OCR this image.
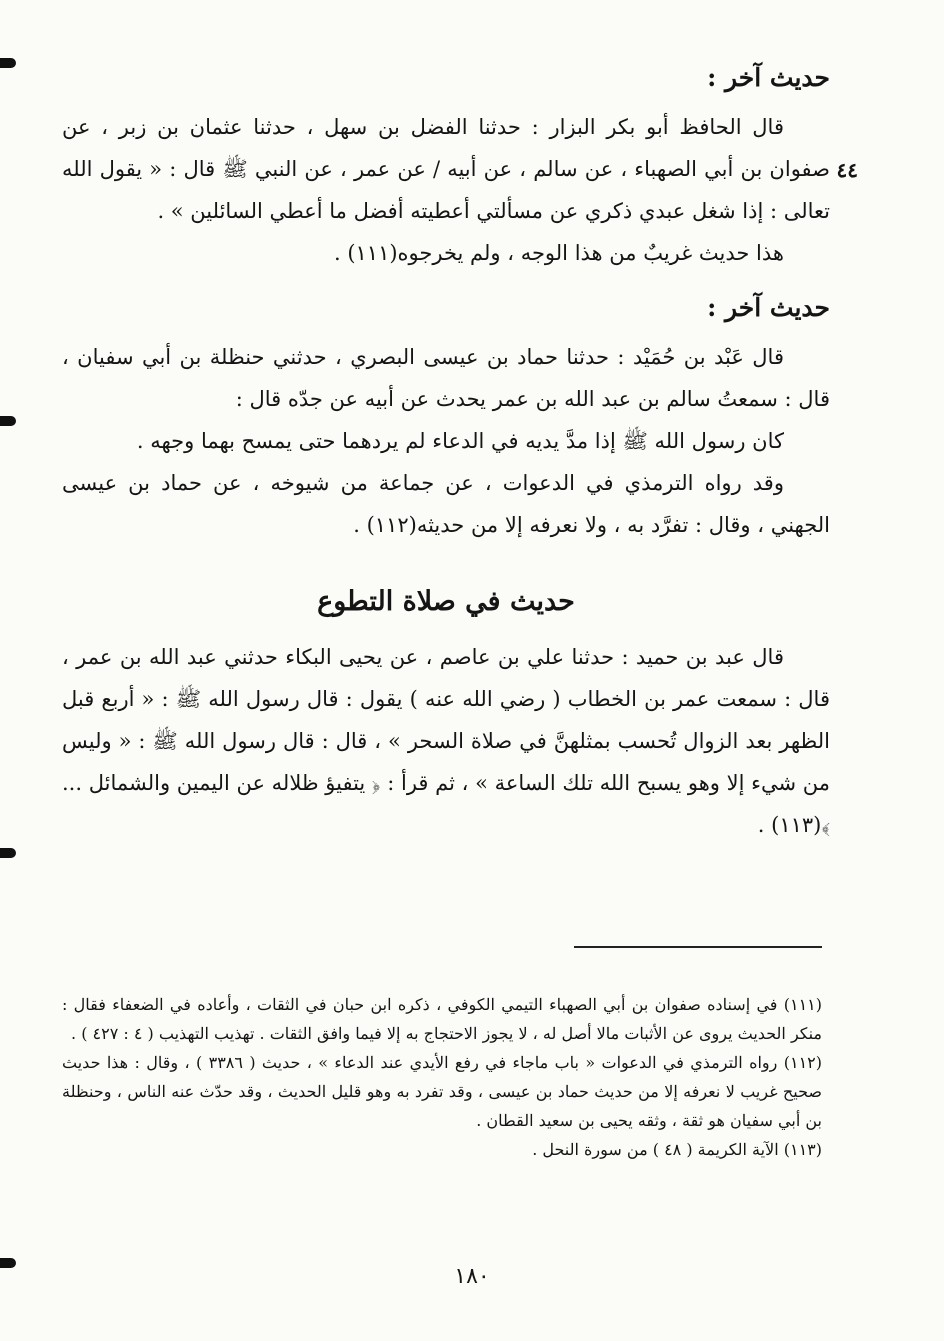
٤٤
حديث آخر :

قال الحافظ أبو بكر البزار : حدثنا الفضل بن سهل ، حدثنا عثمان بن زبر ، عن صفوان بن أبي الصهباء ، عن سالم ، عن أبيه / عن عمر ، عن النبي ﷺ قال : « يقول الله تعالى : إذا شغل عبدي ذكري عن مسألتي أعطيته أفضل ما أعطي السائلين » .

هذا حديث غريبٌ من هذا الوجه ، ولم يخرجوه(١١١) .

حديث آخر :

قال عَبْد بن حُمَيْد : حدثنا حماد بن عيسى البصري ، حدثني حنظلة بن أبي سفيان ، قال : سمعتُ سالم بن عبد الله بن عمر يحدث عن أبيه عن جدّه قال :

كان رسول الله ﷺ إذا مدَّ يديه في الدعاء لم يردهما حتى يمسح بهما وجهه .

وقد رواه الترمذي في الدعوات ، عن جماعة من شيوخه ، عن حماد بن عيسى الجهني ، وقال : تفرَّد به ، ولا نعرفه إلا من حديثه(١١٢) .

حديث في صلاة التطوع

قال عبد بن حميد : حدثنا علي بن عاصم ، عن يحيى البكاء حدثني عبد الله بن عمر ، قال : سمعت عمر بن الخطاب ( رضي الله عنه ) يقول : قال رسول الله ﷺ : « أربع قبل الظهر بعد الزوال تُحسب بمثلهنَّ في صلاة السحر » ، قال : قال رسول الله ﷺ : « وليس من شيء إلا وهو يسبح الله تلك الساعة » ، ثم قرأ : ﴿ يتفيؤ ظلاله عن اليمين والشمائل ... ﴾(١١٣) .

(١١١) في إسناده صفوان بن أبي الصهباء التيمي الكوفي ، ذكره ابن حبان في الثقات ، وأعاده في الضعفاء فقال : منكر الحديث يروى عن الأثبات مالا أصل له ، لا يجوز الاحتجاج به إلا فيما وافق الثقات . تهذيب التهذيب ( ٤ : ٤٢٧ ) .

(١١٢) رواه الترمذي في الدعوات « باب ماجاء في رفع الأيدي عند الدعاء » ، حديث ( ٣٣٨٦ ) ، وقال : هذا حديث صحيح غريب لا نعرفه إلا من حديث حماد بن عيسى ، وقد تفرد به وهو قليل الحديث ، وقد حدّث عنه الناس ، وحنظلة بن أبي سفيان هو ثقة ، وثقه يحيى بن سعيد القطان .

(١١٣) الآية الكريمة ( ٤٨ ) من سورة النحل .

١٨٠
